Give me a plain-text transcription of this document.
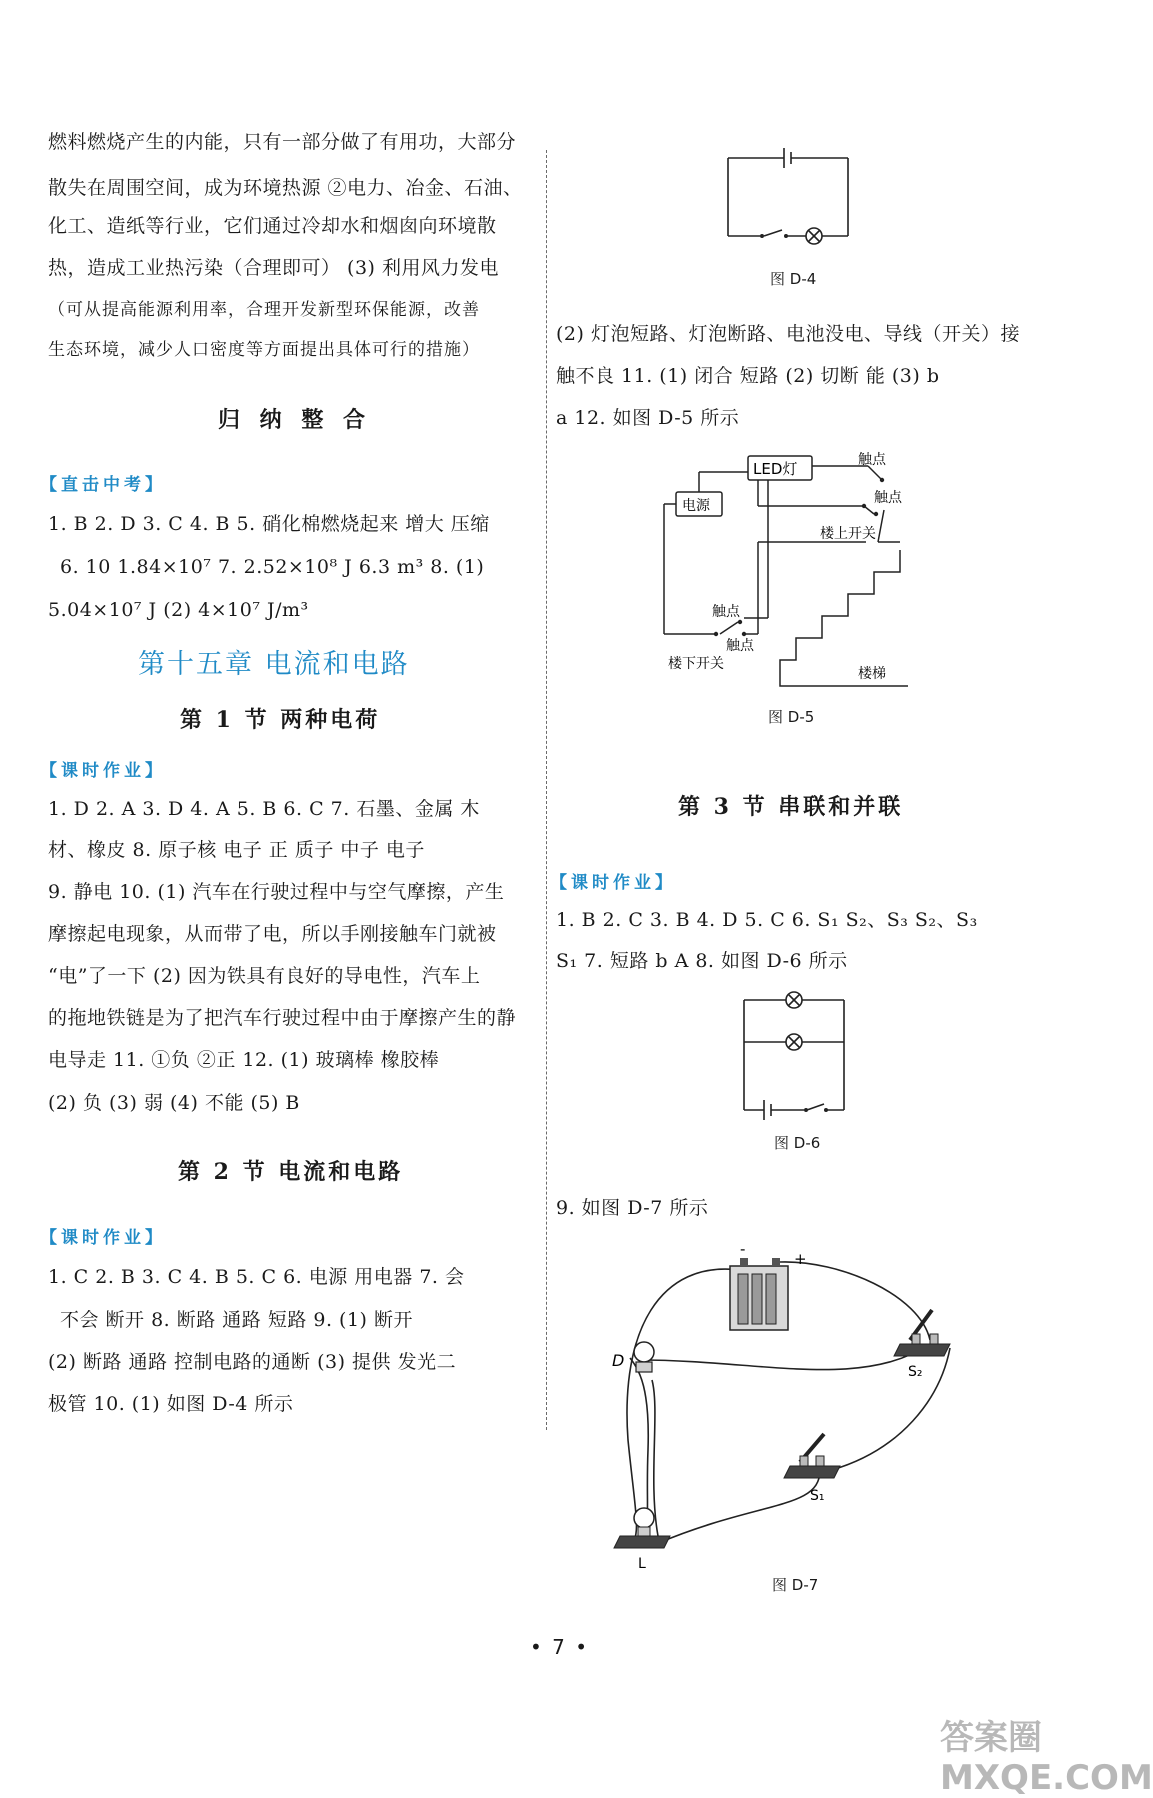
燃料燃烧产生的内能，只有一部分做了有用功，大部分
散失在周围空间，成为环境热源 ②电力、冶金、石油、
化工、造纸等行业，它们通过冷却水和烟囱向环境散
热，造成工业热污染（合理即可） (3) 利用风力发电
（可从提高能源利用率，合理开发新型环保能源，改善
生态环境，减少人口密度等方面提出具体可行的措施）
归 纳 整 合
【直击中考】
1. B 2. D 3. C 4. B 5. 硝化棉燃烧起来 增大 压缩
6. 10 1.84×10⁷ 7. 2.52×10⁸ J 6.3 m³ 8. (1)
5.04×10⁷ J (2) 4×10⁷ J/m³
第十五章 电流和电路
第 1 节 两种电荷
【课时作业】
1. D 2. A 3. D 4. A 5. B 6. C 7. 石墨、金属 木
材、橡皮 8. 原子核 电子 正 质子 中子 电子
9. 静电 10. (1) 汽车在行驶过程中与空气摩擦，产生
摩擦起电现象，从而带了电，所以手刚接触车门就被
“电”了一下 (2) 因为铁具有良好的导电性，汽车上
的拖地铁链是为了把汽车行驶过程中由于摩擦产生的静
电导走 11. ①负 ②正 12. (1) 玻璃棒 橡胶棒
(2) 负 (3) 弱 (4) 不能 (5) B
第 2 节 电流和电路
【课时作业】
1. C 2. B 3. C 4. B 5. C 6. 电源 用电器 7. 会
不会 断开 8. 断路 通路 短路 9. (1) 断开
(2) 断路 通路 控制电路的通断 (3) 提供 发光二
极管 10. (1) 如图 D-4 所示
图 D-4
(2) 灯泡短路、灯泡断路、电池没电、导线（开关）接
触不良 11. (1) 闭合 短路 (2) 切断 能 (3) b
a 12. 如图 D-5 所示
LED灯
电源
触点
触点
楼上开关
触点
触点
楼下开关
楼梯
图 D-5
第 3 节 串联和并联
【课时作业】
1. B 2. C 3. B 4. D 5. C 6. S₁ S₂、S₃ S₂、S₃
S₁ 7. 短路 b A 8. 如图 D-6 所示
图 D-6
9. 如图 D-7 所示
-
+
D
S₂
S₁
L
图 D-7
• 7 •
答案圈 MXQE.COM
